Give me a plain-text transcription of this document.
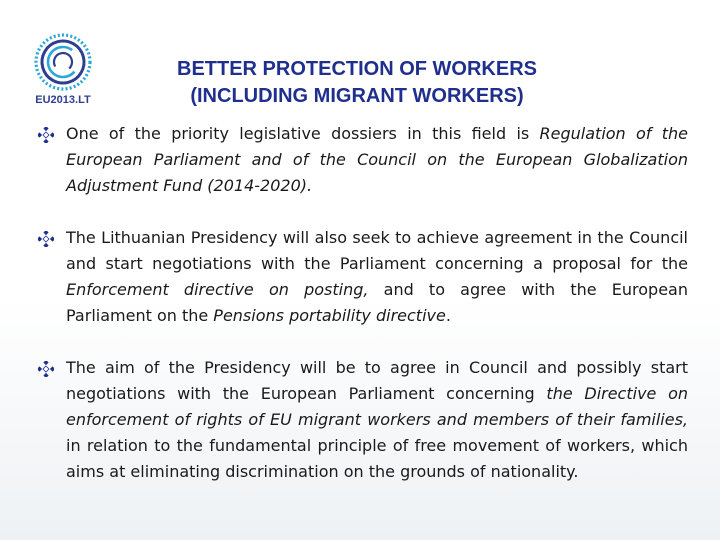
EU2013.LT
BETTER PROTECTION OF WORKERS
(INCLUDING MIGRANT WORKERS)
One of the priority legislative dossiers in this field is Regulation of the European Parliament and of the Council on the European Globalization Adjustment Fund (2014-2020).
The Lithuanian Presidency will also seek to achieve agreement in the Council and start negotiations with the Parliament concerning a proposal for the Enforcement directive on posting, and to agree with the European Parliament on the Pensions portability directive.
The aim of the Presidency will be to agree in Council and possibly start negotiations with the European Parliament concerning the Directive on enforcement of rights of EU migrant workers and members of their families, in relation to the fundamental principle of free movement of workers, which aims at eliminating discrimination on the grounds of nationality.
